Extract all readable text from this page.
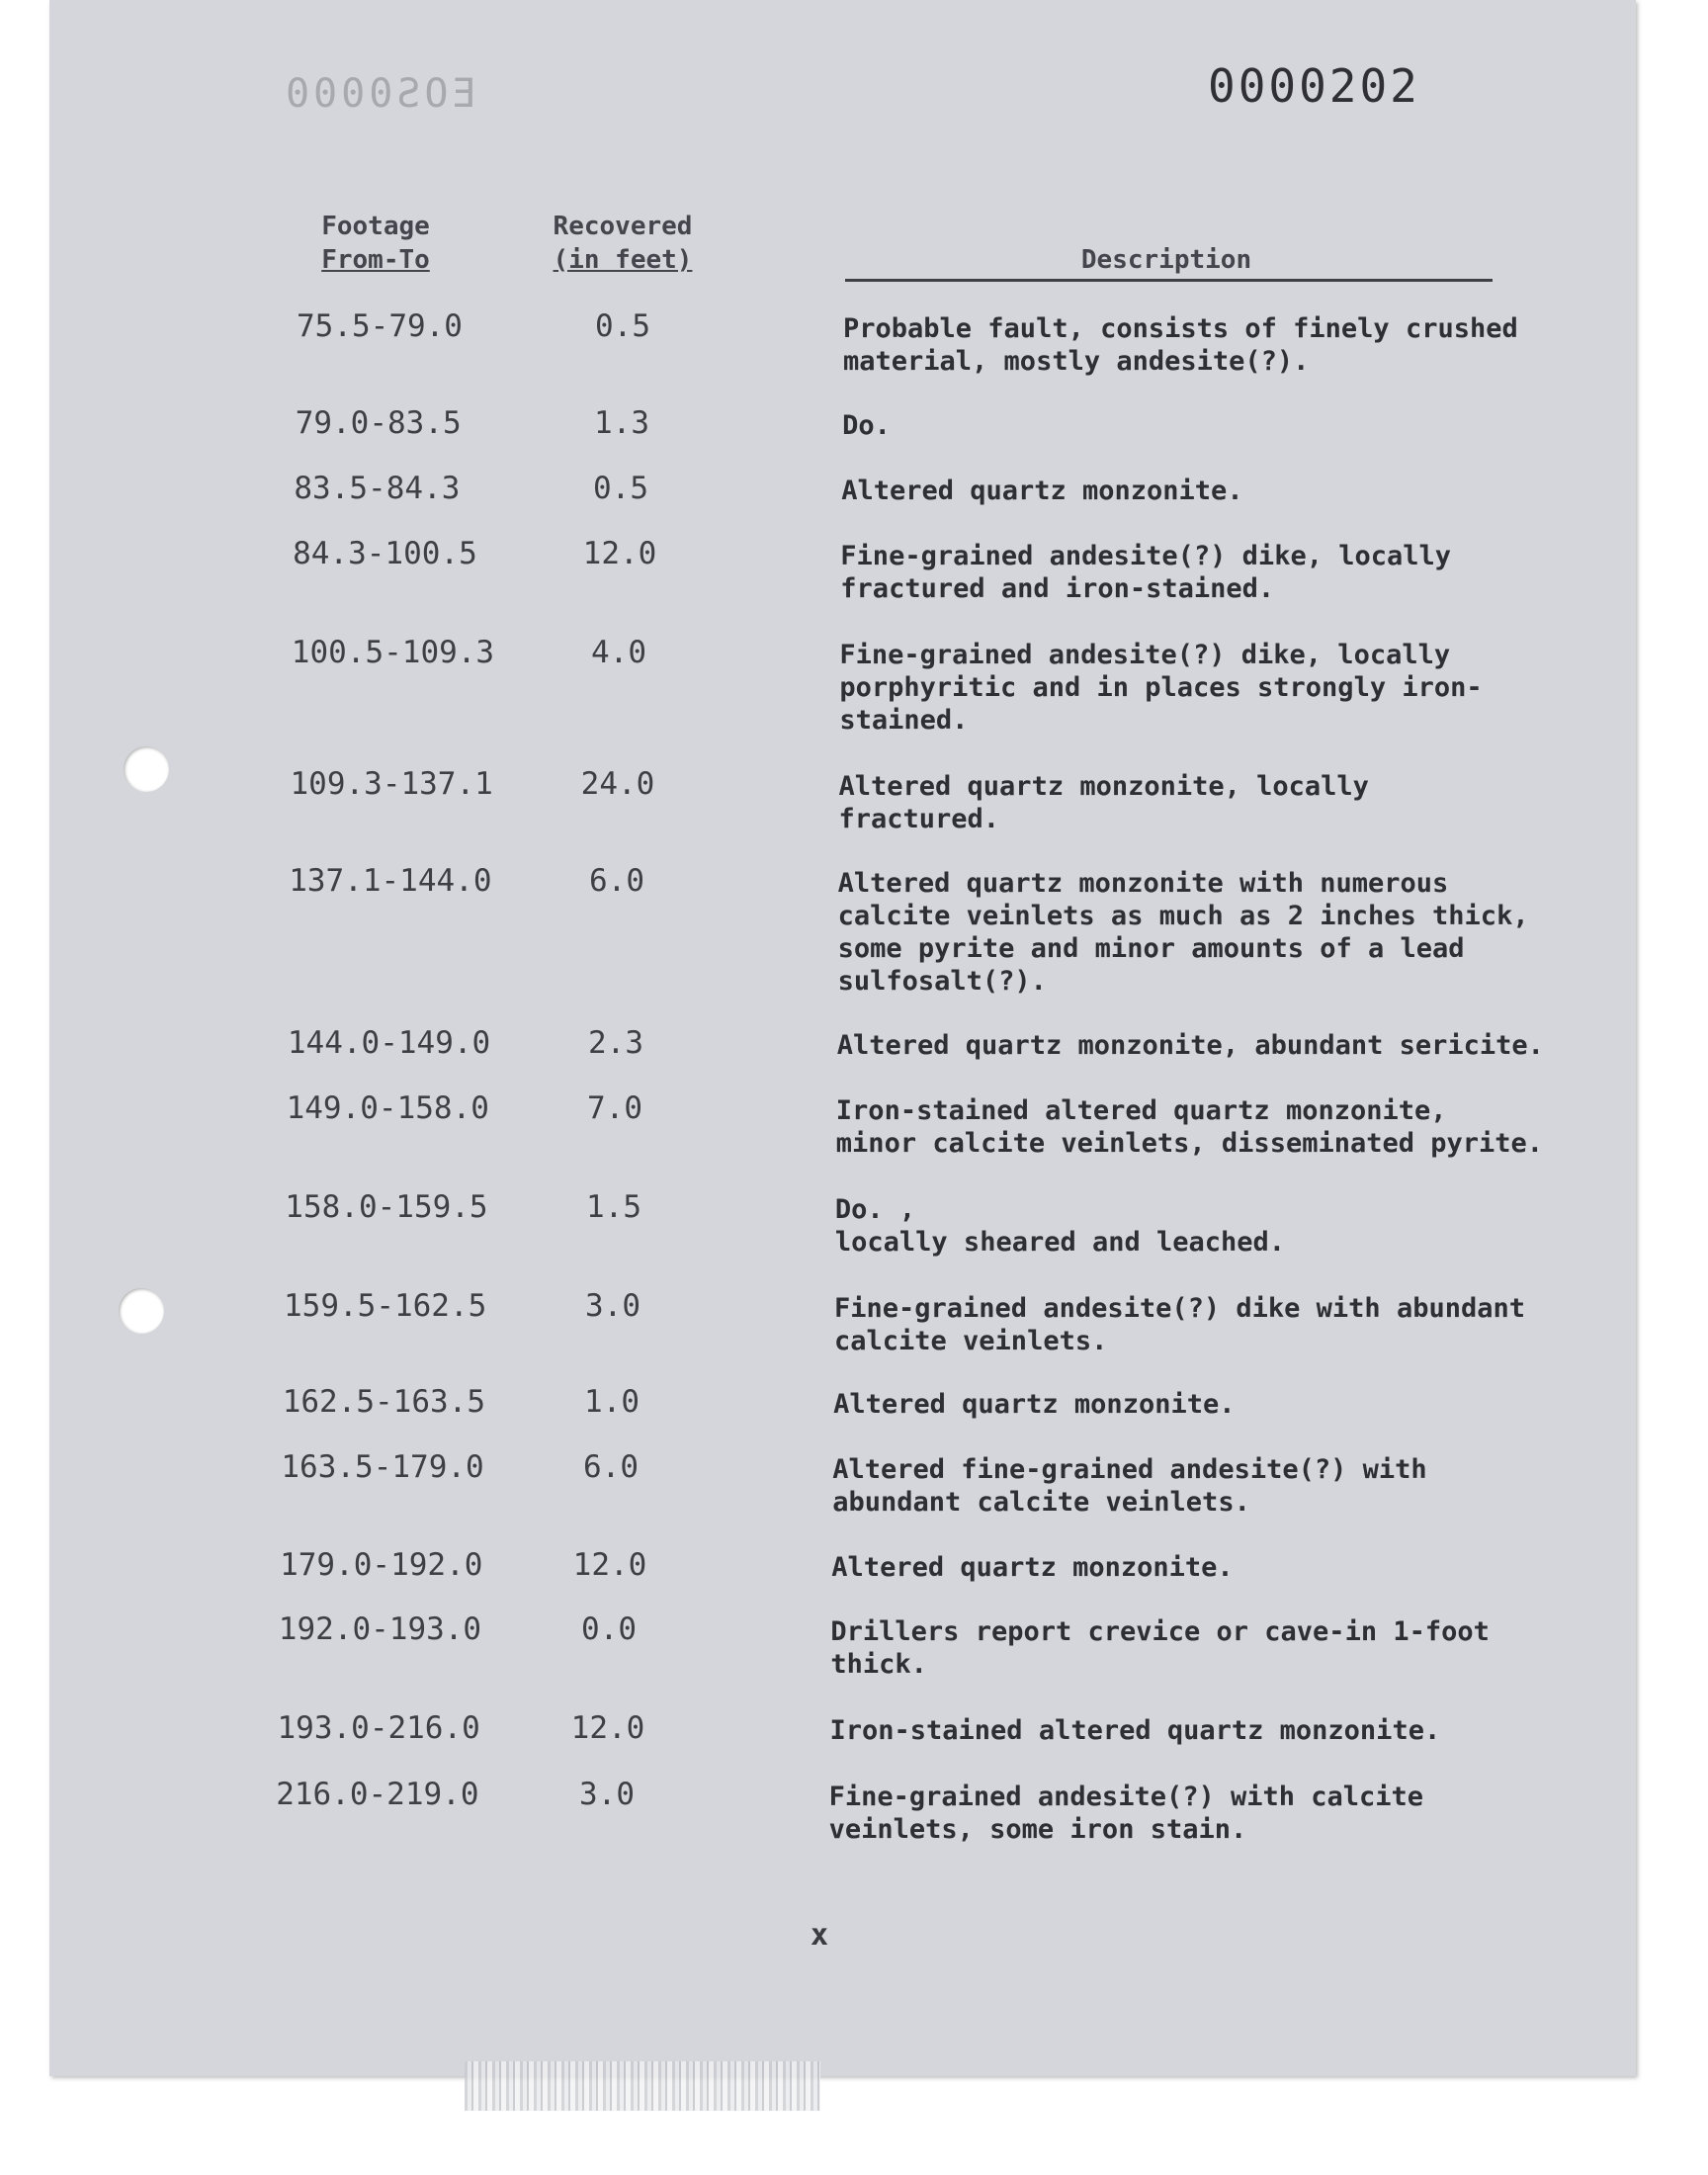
EOS0000	0000202
Footage
From-To
Recovered
(in feet)	Description
75.5-79.0	0.5	Probable fault, consists of finely crushed
material, mostly andesite(?).
79.0-83.5	1.3	Do.
83.5-84.3	0.5	Altered quartz monzonite.
84.3-100.5	12.0	Fine-grained andesite(?) dike, locally
fractured and iron-stained.
100.5-109.3	4.0	Fine-grained andesite(?) dike, locally
porphyritic and in places strongly iron-
stained.
109.3-137.1	24.0	Altered quartz monzonite, locally
fractured.
137.1-144.0	6.0	Altered quartz monzonite with numerous
calcite veinlets as much as 2 inches thick,
some pyrite and minor amounts of a lead
sulfosalt(?).
144.0-149.0	2.3	Altered quartz monzonite, abundant sericite.
149.0-158.0	7.0	Iron-stained altered quartz monzonite,
minor calcite veinlets, disseminated pyrite.
158.0-159.5	1.5	Do. ,
locally sheared and leached.
159.5-162.5	3.0	Fine-grained andesite(?) dike with abundant
calcite veinlets.
162.5-163.5	1.0	Altered quartz monzonite.
163.5-179.0	6.0	Altered fine-grained andesite(?) with
abundant calcite veinlets.
179.0-192.0	12.0	Altered quartz monzonite.
192.0-193.0	0.0	Drillers report crevice or cave-in 1-foot
thick.
193.0-216.0	12.0	Iron-stained altered quartz monzonite.
216.0-219.0	3.0	Fine-grained andesite(?) with calcite
veinlets, some iron stain.
x
